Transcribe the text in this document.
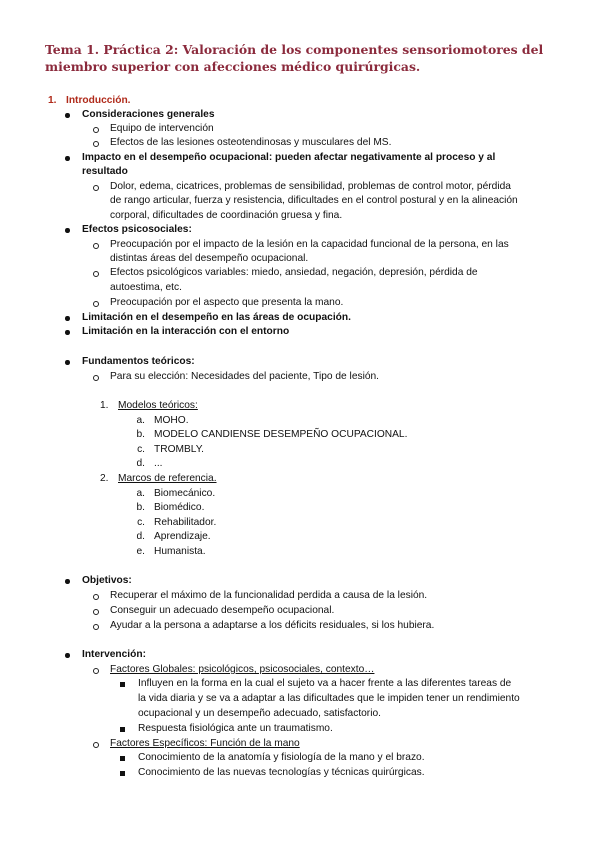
Tema 1. Práctica 2: Valoración de los componentes sensoriomotores del miembro superior con afecciones médico quirúrgicas.
1. Introducción.
Consideraciones generales
Equipo de intervención
Efectos de las lesiones osteotendinosas y musculares del MS.
Impacto en el desempeño ocupacional: pueden afectar negativamente al proceso y al
resultado
Dolor, edema, cicatrices, problemas de sensibilidad, problemas de control motor, pérdida
de rango articular, fuerza y resistencia, dificultades en el control postural y en la alineación
corporal, dificultades de coordinación gruesa y fina.
Efectos psicosociales:
Preocupación por el impacto de la lesión en la capacidad funcional de la persona, en las
distintas áreas del desempeño ocupacional.
Efectos psicológicos variables: miedo, ansiedad, negación, depresión, pérdida de
autoestima, etc.
Preocupación por el aspecto que presenta la mano.
Limitación en el desempeño en las áreas de ocupación.
Limitación en la interacción con el entorno
Fundamentos teóricos:
Para su elección: Necesidades del paciente, Tipo de lesión.
1. Modelos teóricos:
a. MOHO.
b. MODELO CANDIENSE DESEMPEÑO OCUPACIONAL.
c. TROMBLY.
d. ...
2. Marcos de referencia.
a. Biomecánico.
b. Biomédico.
c. Rehabilitador.
d. Aprendizaje.
e. Humanista.
Objetivos:
Recuperar el máximo de la funcionalidad perdida a causa de la lesión.
Conseguir un adecuado desempeño ocupacional.
Ayudar a la persona a adaptarse a los déficits residuales, si los hubiera.
Intervención:
Factores Globales: psicológicos, psicosociales, contexto…
Influyen en la forma en la cual el sujeto va a hacer frente a las diferentes tareas de
la vida diaria y se va a adaptar a las dificultades que le impiden tener un rendimiento
ocupacional y un desempeño adecuado, satisfactorio.
Respuesta fisiológica ante un traumatismo.
Factores Específicos: Función de la mano
Conocimiento de la anatomía y fisiología de la mano y el brazo.
Conocimiento de las nuevas tecnologías y técnicas quirúrgicas.
